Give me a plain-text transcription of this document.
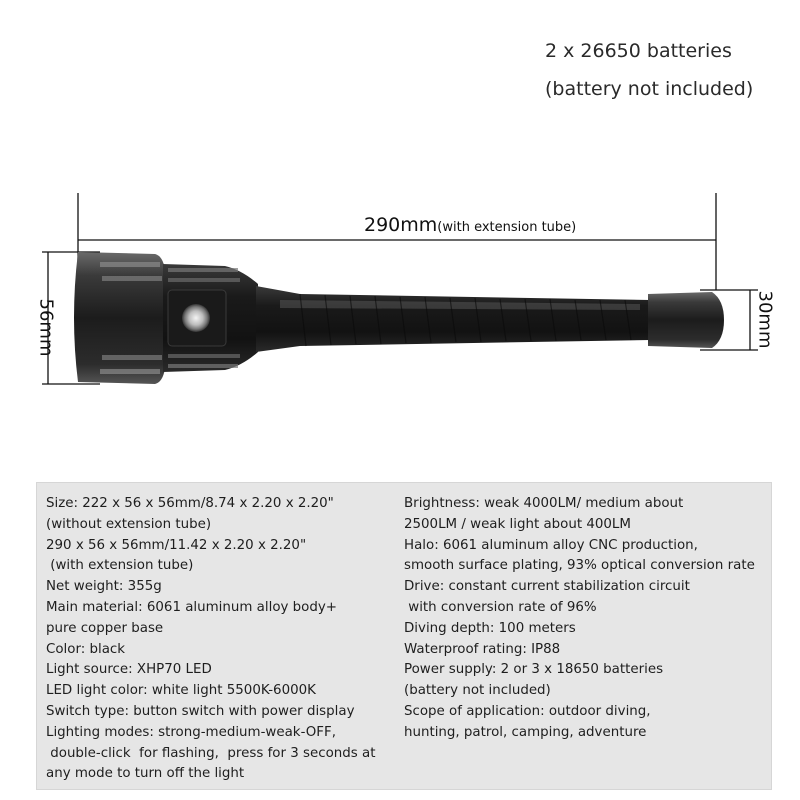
2 x 26650 batteries
(battery not included)
290mm(with extension tube)
56mm	30mm
Size: 222 x 56 x 56mm/8.74 x 2.20 x 2.20"
(without extension tube)
290 x 56 x 56mm/11.42 x 2.20 x 2.20"
(with extension tube)
Net weight: 355g
Main material: 6061 aluminum alloy body+
pure copper base
Color: black
Light source: XHP70 LED
LED light color: white light 5500K-6000K
Switch type: button switch with power display
Lighting modes: strong-medium-weak-OFF,
double-click  for flashing,  press for 3 seconds at
any mode to turn off the light
Brightness: weak 4000LM/ medium about
2500LM / weak light about 400LM
Halo: 6061 aluminum alloy CNC production,
smooth surface plating, 93% optical conversion rate
Drive: constant current stabilization circuit
with conversion rate of 96%
Diving depth: 100 meters
Waterproof rating: IP88
Power supply: 2 or 3 x 18650 batteries
(battery not included)
Scope of application: outdoor diving,
hunting, patrol, camping, adventure
